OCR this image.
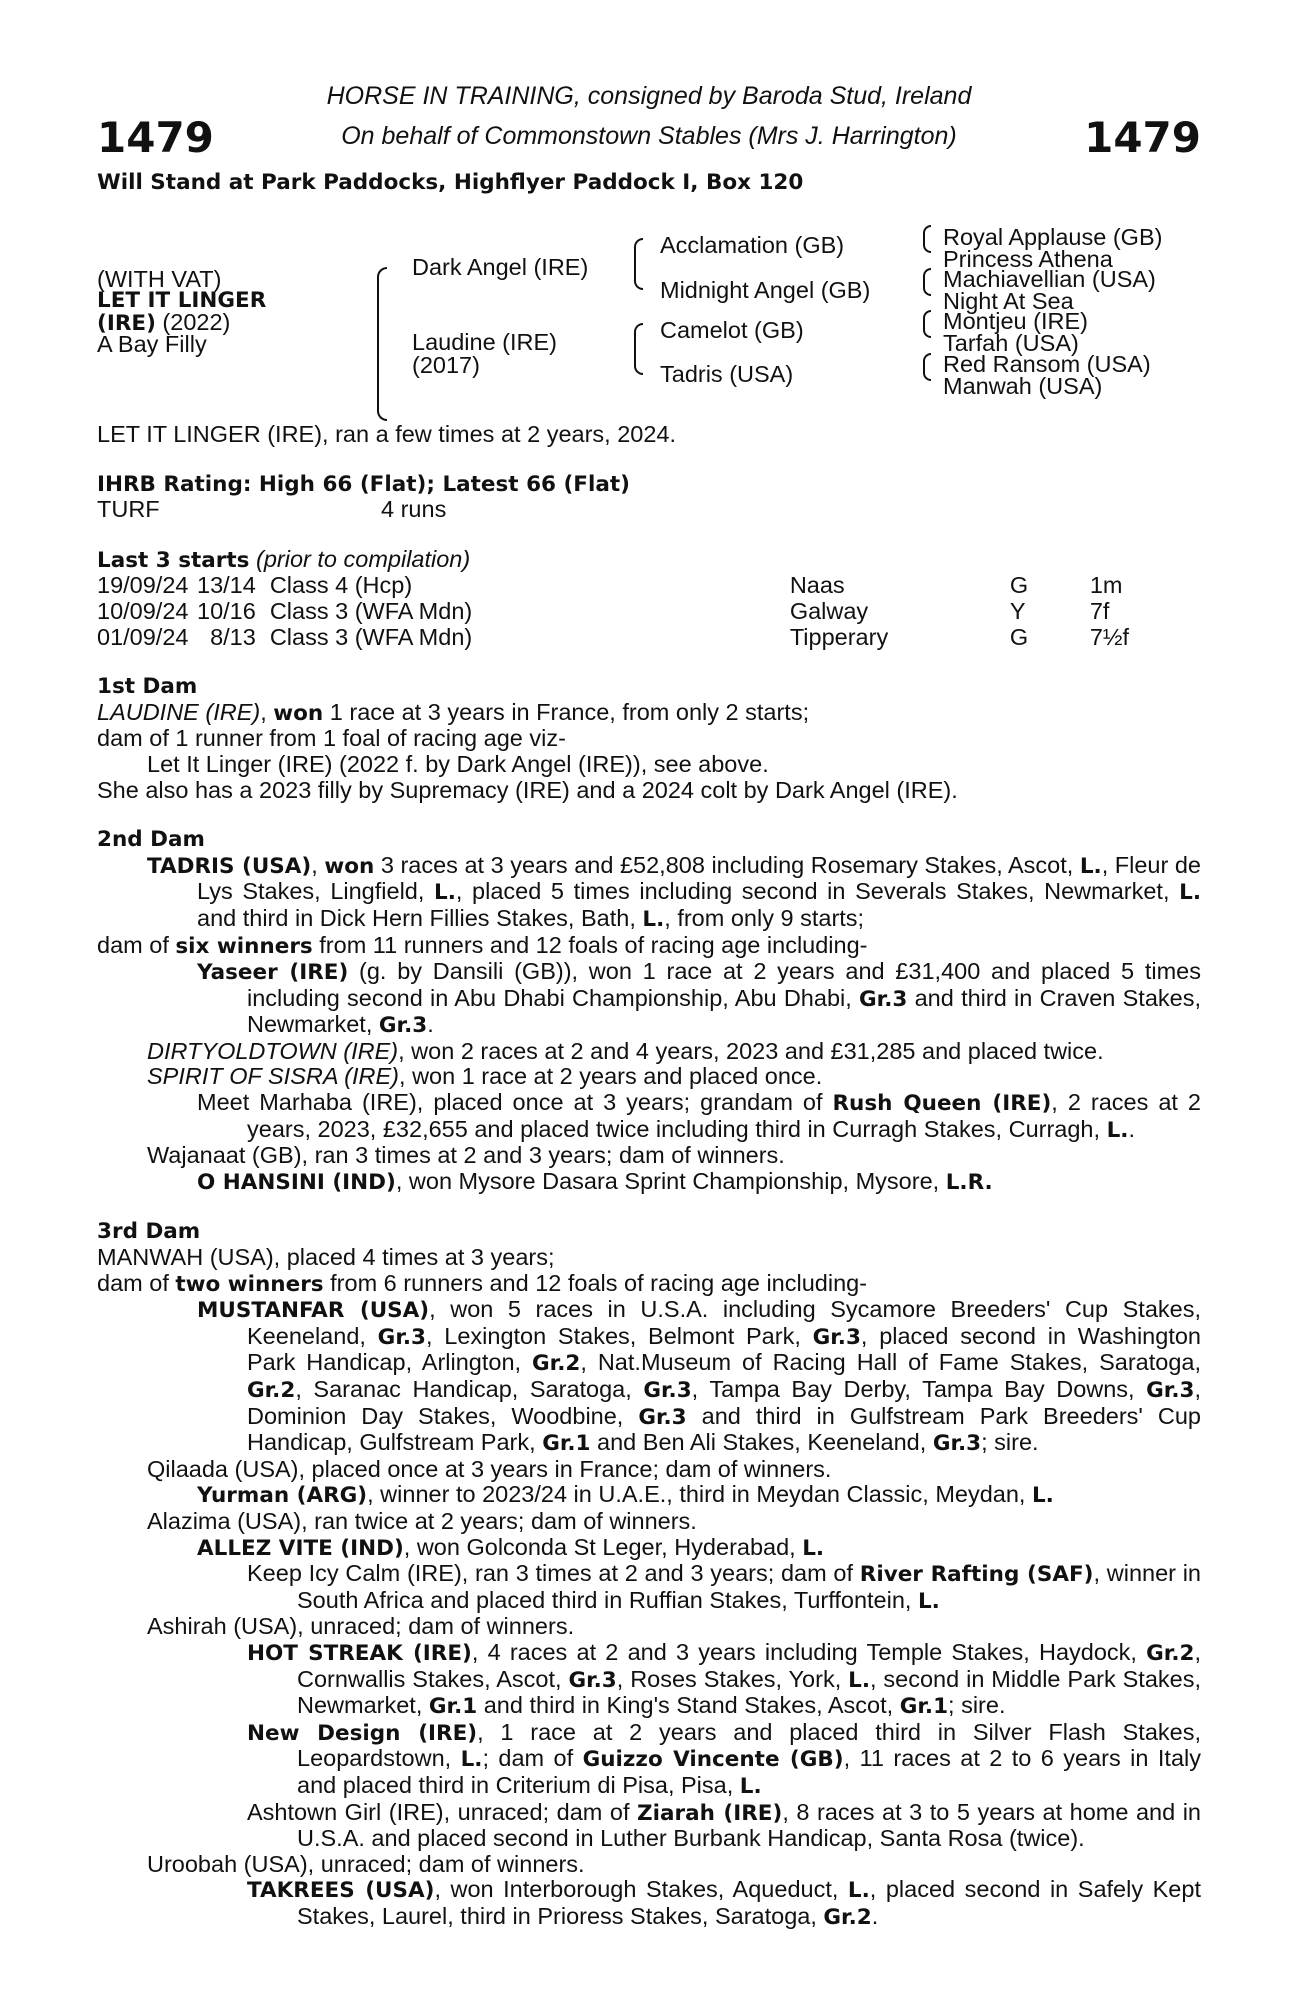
1479	1479
HORSE IN TRAINING, consigned by Baroda Stud, Ireland
On behalf of Commonstown Stables (Mrs J. Harrington)
Will Stand at Park Paddocks, Highflyer Paddock I, Box 120
(WITH VAT)
LET IT LINGER
(IRE) (2022)
A Bay Filly
Dark Angel (IRE)
Laudine (IRE)
(2017)
Acclamation (GB)
Midnight Angel (GB)
Camelot (GB)
Tadris (USA)
Royal Applause (GB)
Princess Athena
Machiavellian (USA)
Night At Sea
Montjeu (IRE)
Tarfah (USA)
Red Ransom (USA)
Manwah (USA)

LET IT LINGER (IRE), ran a few times at 2 years, 2024.

IHRB Rating: High 66 (Flat); Latest 66 (Flat)

TURF	4 runs

Last 3 starts (prior to compilation)

19/09/24	13/14	Class 4 (Hcp)	Naas	G	1m
10/09/24	10/16	Class 3 (WFA Mdn)	Galway	Y	7f
01/09/24	8/13	Class 3 (WFA Mdn)	Tipperary	G	7½f

1st Dam

LAUDINE (IRE), won 1 race at 3 years in France, from only 2 starts;

dam of 1 runner from 1 foal of racing age viz-

Let It Linger (IRE) (2022 f. by Dark Angel (IRE)), see above.

She also has a 2023 filly by Supremacy (IRE) and a 2024 colt by Dark Angel (IRE).

2nd Dam

TADRIS (USA), won 3 races at 3 years and £52,808 including Rosemary Stakes, Ascot, L., Fleur de Lys Stakes, Lingfield, L., placed 5 times including second in Severals Stakes, Newmarket, L. and third in Dick Hern Fillies Stakes, Bath, L., from only 9 starts;

dam of six winners from 11 runners and 12 foals of racing age including-

Yaseer (IRE) (g. by Dansili (GB)), won 1 race at 2 years and £31,400 and placed 5 times including second in Abu Dhabi Championship, Abu Dhabi, Gr.3 and third in Craven Stakes, Newmarket, Gr.3.

DIRTYOLDTOWN (IRE), won 2 races at 2 and 4 years, 2023 and £31,285 and placed twice.

SPIRIT OF SISRA (IRE), won 1 race at 2 years and placed once.

Meet Marhaba (IRE), placed once at 3 years; grandam of Rush Queen (IRE), 2 races at 2 years, 2023, £32,655 and placed twice including third in Curragh Stakes, Curragh, L..

Wajanaat (GB), ran 3 times at 2 and 3 years; dam of winners.

O HANSINI (IND), won Mysore Dasara Sprint Championship, Mysore, L.R.

3rd Dam

MANWAH (USA), placed 4 times at 3 years;

dam of two winners from 6 runners and 12 foals of racing age including-

MUSTANFAR (USA), won 5 races in U.S.A. including Sycamore Breeders' Cup Stakes, Keeneland, Gr.3, Lexington Stakes, Belmont Park, Gr.3, placed second in Washington Park Handicap, Arlington, Gr.2, Nat.Museum of Racing Hall of Fame Stakes, Saratoga, Gr.2, Saranac Handicap, Saratoga, Gr.3, Tampa Bay Derby, Tampa Bay Downs, Gr.3, Dominion Day Stakes, Woodbine, Gr.3 and third in Gulfstream Park Breeders' Cup Handicap, Gulfstream Park, Gr.1 and Ben Ali Stakes, Keeneland, Gr.3; sire.

Qilaada (USA), placed once at 3 years in France; dam of winners.

Yurman (ARG), winner to 2023/24 in U.A.E., third in Meydan Classic, Meydan, L.

Alazima (USA), ran twice at 2 years; dam of winners.

ALLEZ VITE (IND), won Golconda St Leger, Hyderabad, L.

Keep Icy Calm (IRE), ran 3 times at 2 and 3 years; dam of River Rafting (SAF), winner in South Africa and placed third in Ruffian Stakes, Turffontein, L.

Ashirah (USA), unraced; dam of winners.

HOT STREAK (IRE), 4 races at 2 and 3 years including Temple Stakes, Haydock, Gr.2, Cornwallis Stakes, Ascot, Gr.3, Roses Stakes, York, L., second in Middle Park Stakes, Newmarket, Gr.1 and third in King's Stand Stakes, Ascot, Gr.1; sire.

New Design (IRE), 1 race at 2 years and placed third in Silver Flash Stakes, Leopardstown, L.; dam of Guizzo Vincente (GB), 11 races at 2 to 6 years in Italy and placed third in Criterium di Pisa, Pisa, L.

Ashtown Girl (IRE), unraced; dam of Ziarah (IRE), 8 races at 3 to 5 years at home and in U.S.A. and placed second in Luther Burbank Handicap, Santa Rosa (twice).

Uroobah (USA), unraced; dam of winners.

TAKREES (USA), won Interborough Stakes, Aqueduct, L., placed second in Safely Kept Stakes, Laurel, third in Prioress Stakes, Saratoga, Gr.2.
